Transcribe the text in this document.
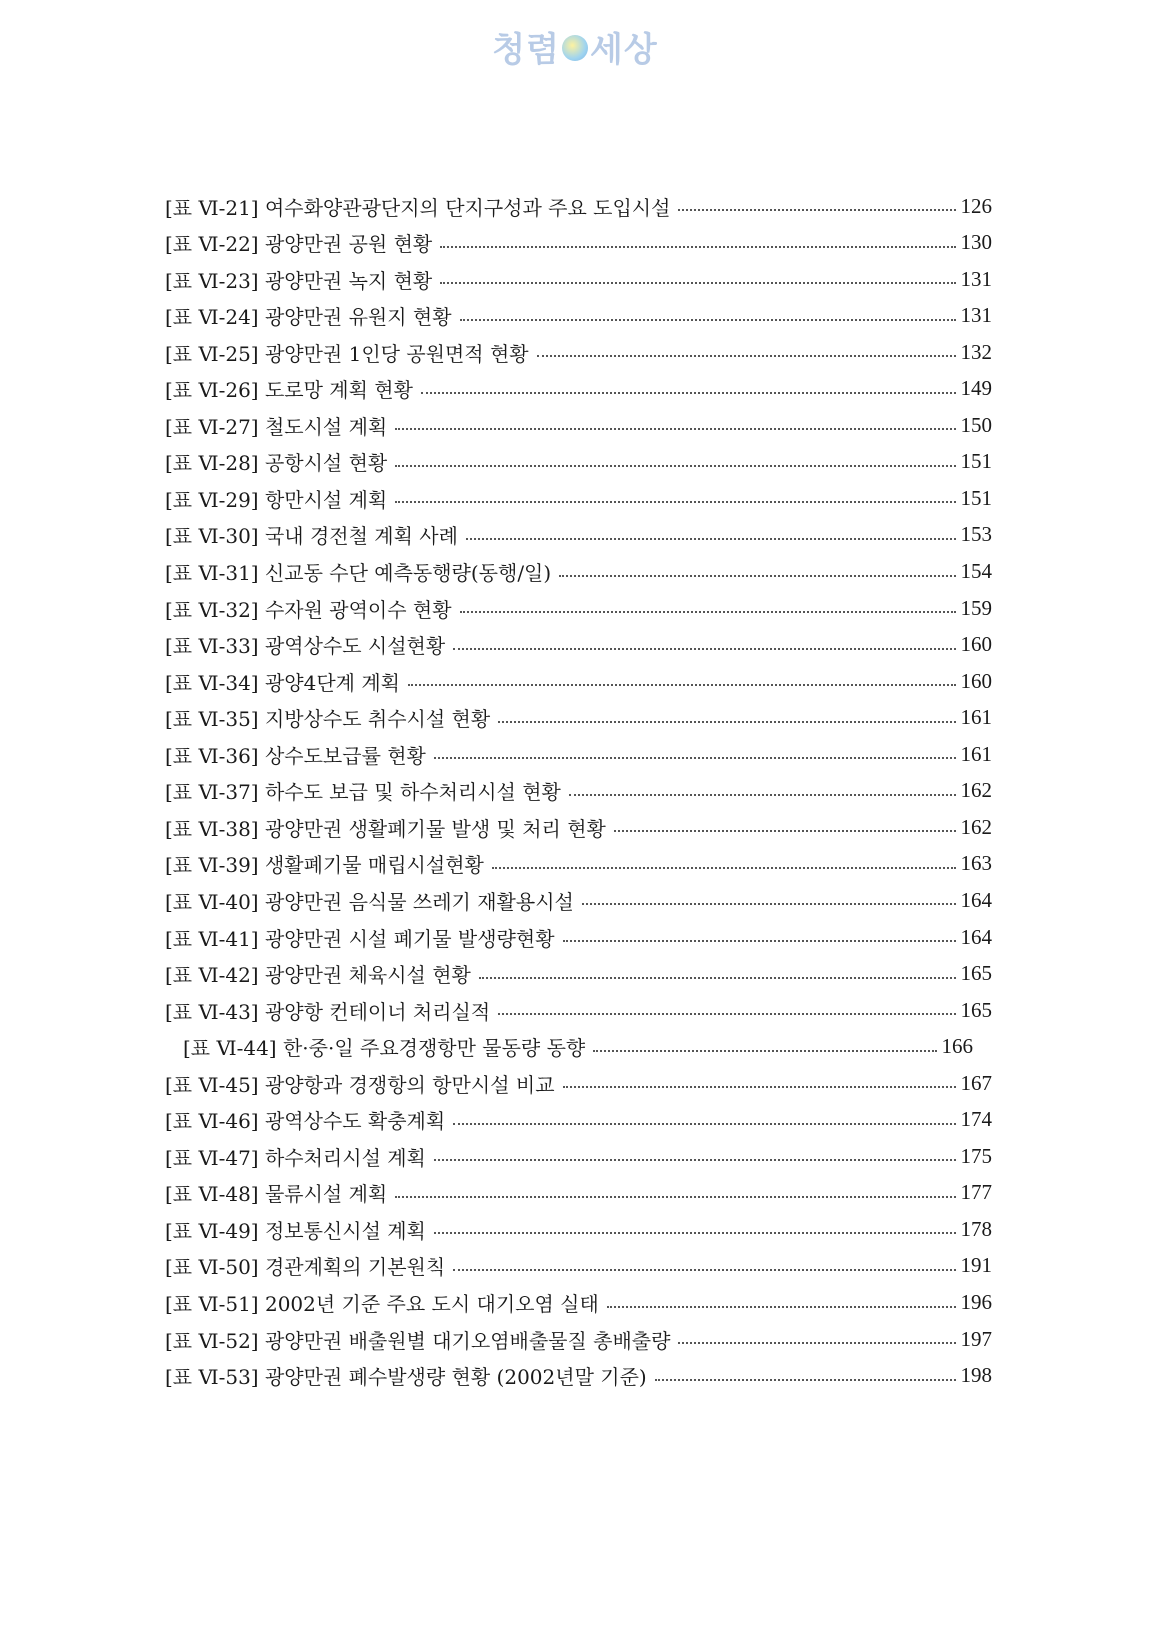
청렴 세상
[표 Ⅵ-21] 여수화양관광단지의 단지구성과 주요 도입시설	126
[표 Ⅵ-22] 광양만권 공원 현황	130
[표 Ⅵ-23] 광양만권 녹지 현황	131
[표 Ⅵ-24] 광양만권 유원지 현황	131
[표 Ⅵ-25] 광양만권 1인당 공원면적 현황	132
[표 Ⅵ-26] 도로망 계획 현황	149
[표 Ⅵ-27] 철도시설 계획	150
[표 Ⅵ-28] 공항시설 현황	151
[표 Ⅵ-29] 항만시설 계획	151
[표 Ⅵ-30] 국내 경전철 계획 사례	153
[표 Ⅵ-31] 신교동 수단 예측동행량(동행/일)	154
[표 Ⅵ-32] 수자원 광역이수 현황	159
[표 Ⅵ-33] 광역상수도 시설현황	160
[표 Ⅵ-34] 광양4단계 계획	160
[표 Ⅵ-35] 지방상수도 취수시설 현황	161
[표 Ⅵ-36] 상수도보급률 현황	161
[표 Ⅵ-37] 하수도 보급 및 하수처리시설 현황	162
[표 Ⅵ-38] 광양만권 생활폐기물 발생 및 처리 현황	162
[표 Ⅵ-39] 생활폐기물 매립시설현황	163
[표 Ⅵ-40] 광양만권 음식물 쓰레기 재활용시설	164
[표 Ⅵ-41] 광양만권 시설 폐기물 발생량현황	164
[표 Ⅵ-42] 광양만권 체육시설 현황	165
[표 Ⅵ-43] 광양항 컨테이너 처리실적	165
[표 Ⅵ-44] 한·중·일 주요경쟁항만 물동량 동향	166
[표 Ⅵ-45] 광양항과 경쟁항의 항만시설 비교	167
[표 Ⅵ-46] 광역상수도 확충계획	174
[표 Ⅵ-47] 하수처리시설 계획	175
[표 Ⅵ-48] 물류시설 계획	177
[표 Ⅵ-49] 정보통신시설 계획	178
[표 Ⅵ-50] 경관계획의 기본원칙	191
[표 Ⅵ-51] 2002년 기준 주요 도시 대기오염 실태	196
[표 Ⅵ-52] 광양만권 배출원별 대기오염배출물질 총배출량	197
[표 Ⅵ-53] 광양만권 폐수발생량 현황 (2002년말 기준)	198
